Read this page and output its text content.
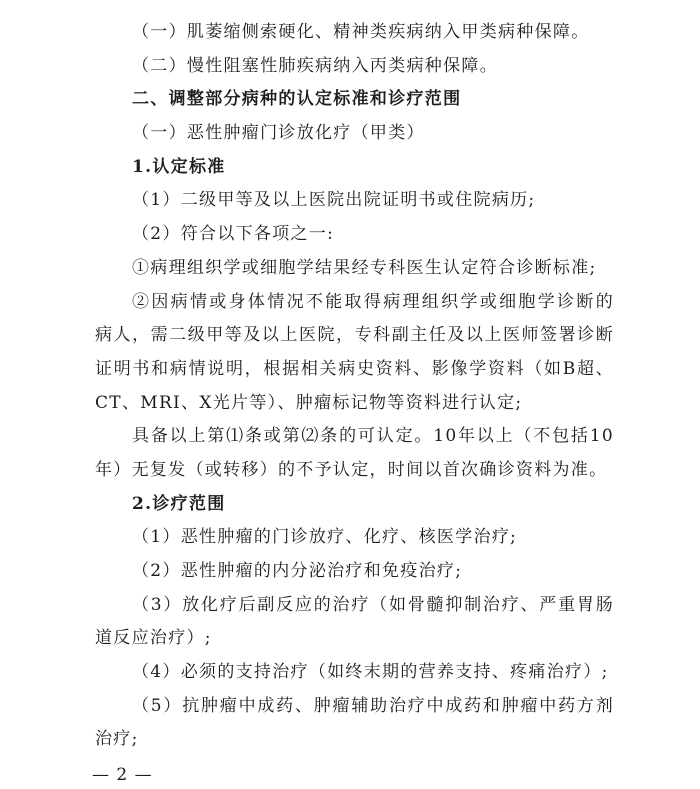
（一）肌萎缩侧索硬化、精神类疾病纳入甲类病种保障。
（二）慢性阻塞性肺疾病纳入丙类病种保障。
二、调整部分病种的认定标准和诊疗范围
（一）恶性肿瘤门诊放化疗（甲类）
1.认定标准
（1）二级甲等及以上医院出院证明书或住院病历;
（2）符合以下各项之一:
①病理组织学或细胞学结果经专科医生认定符合诊断标准;
②因病情或身体情况不能取得病理组织学或细胞学诊断的
病人，需二级甲等及以上医院，专科副主任及以上医师签署诊断
证明书和病情说明，根据相关病史资料、影像学资料（如B超、
CT、MRI、X光片等）、肿瘤标记物等资料进行认定;
具备以上第⑴条或第⑵条的可认定。10年以上（不包括10
年）无复发（或转移）的不予认定，时间以首次确诊资料为准。
2.诊疗范围
（1）恶性肿瘤的门诊放疗、化疗、核医学治疗;
（2）恶性肿瘤的内分泌治疗和免疫治疗;
（3）放化疗后副反应的治疗（如骨髓抑制治疗、严重胃肠
道反应治疗）;
（4）必须的支持治疗（如终末期的营养支持、疼痛治疗）;
（5）抗肿瘤中成药、肿瘤辅助治疗中成药和肿瘤中药方剂
治疗;
— 2 —
